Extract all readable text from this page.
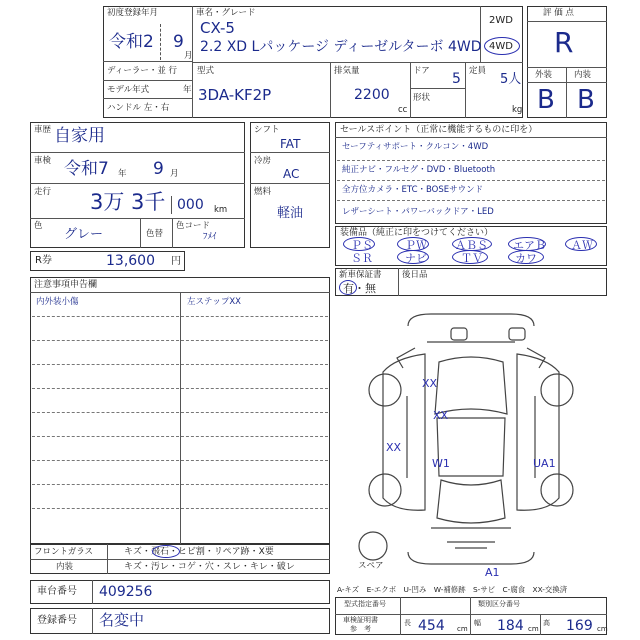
初度登録年月
令和2 9
月
車名・グレード
CX-5
2.2 XD Lパッケージ ディーゼルターボ 4WD
2WD
4WD
ディーラー・並 行
モデル年式	年
ハンドル 左・右
型式
3DA-KF2P
排気量
2200
cc
ドア 5
形状
定員
5人
kg
評 価 点
R
外装	内装
B B
車歴 自家用
車検 令和7 年 9 月
走行 3万 3千 000 km
色
グレー	色替
色コード
ﾌﾒｲ
R券	13,600 円
シフト
FAT
冷房
AC
燃料
軽油
セールスポイント（正常に機能するものに印を）
セーフティサポート・クルコン・4WD
純正ナビ・フルセグ・DVD・Bluetooth
全方位カメラ・ETC・BOSEサウンド
レザーシート・パワーバックドア・LED
装備品（純正に印をつけてください）
ＰＳ	ＰＷ	ＡＢＳ エアＢ ＡＷ
ＳＲ	ナビ	ＴＶ	カワ
新車保証書
有・無
後日品
注意事項申告欄
内外装小傷	左ステップXX
フロントガラス	キズ・飛石・ヒビ割・リペア跡・X要
内装	キズ・汚レ・コゲ・穴・スレ・キレ・破レ
車台番号 409256
登録番号 名変中
XX
XX
XX
W1	UA1
A1
スペア
A-キズ　E-エクボ　U-凹み　W-補修跡　S-サビ　C-腐食　XX-交換済
型式指定番号	類別区分番号
車検証明書
参　考
長 454 cm
幅 184 cm
高 169 cm
